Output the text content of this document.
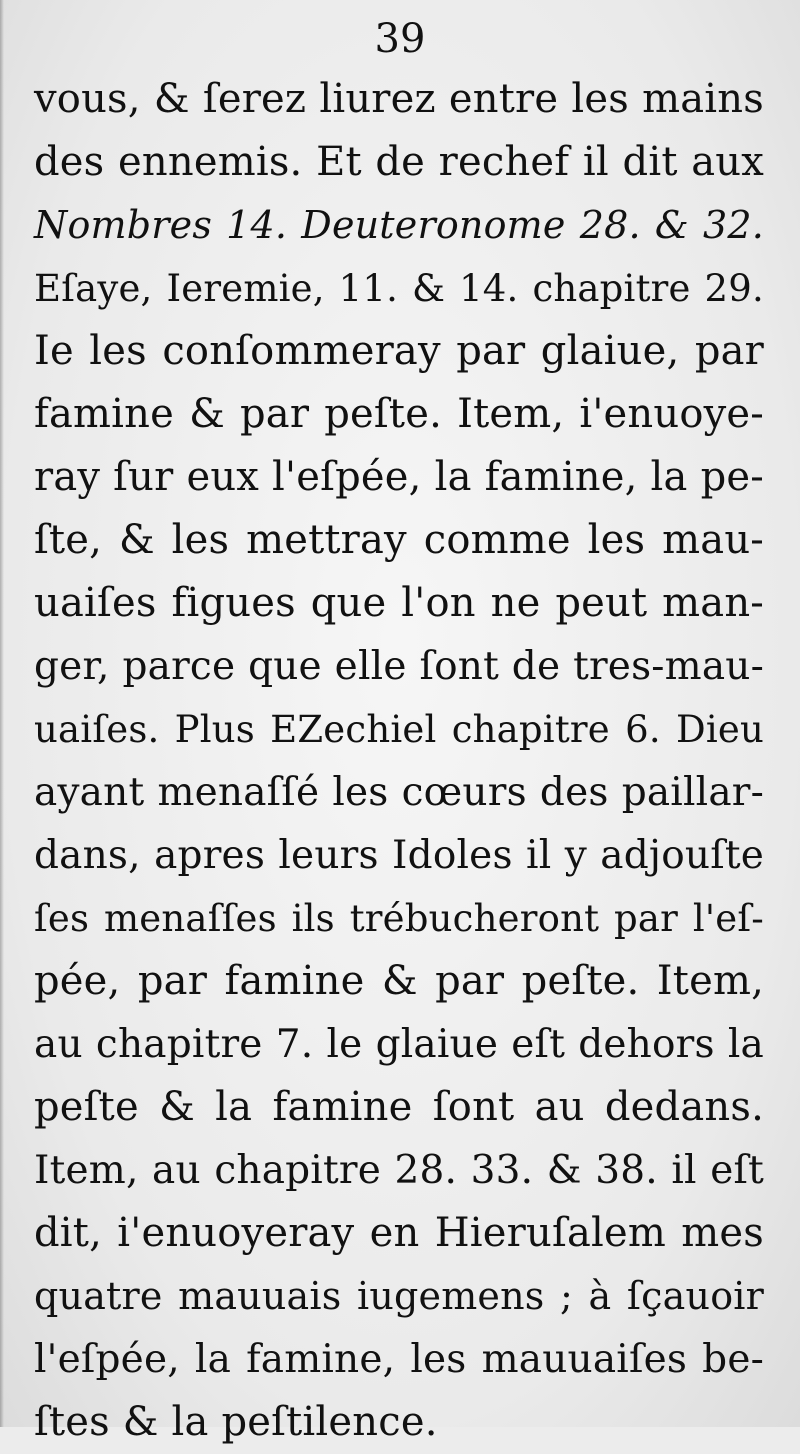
39
vous, & ſerez liurez entre les mains
des ennemis. Et de rechef il dit aux
Nombres 14. Deuteronome 28. & 32.
Eſaye, Ieremie, 11. & 14. chapitre 29.
Ie les conſommeray par glaiue, par
famine & par peſte. Item, i'enuoye-
ray ſur eux l'eſpée, la famine, la pe-
ſte, & les mettray comme les mau-
uaiſes figues que l'on ne peut man-
ger, parce que elle ſont de tres-mau-
uaiſes. Plus EZechiel chapitre 6. Dieu
ayant menaſſé les cœurs des paillar-
dans, apres leurs Idoles il y adjouſte
ſes menaſſes ils trébucheront par l'eſ-
pée, par famine & par peſte. Item,
au chapitre 7. le glaiue eſt dehors la
peſte & la famine ſont au dedans.
Item, au chapitre 28. 33. & 38. il eſt
dit, i'enuoyeray en Hieruſalem mes
quatre mauuais iugemens ; à ſçauoir
l'eſpée, la famine, les mauuaiſes be-
ſtes & la peſtilence.
